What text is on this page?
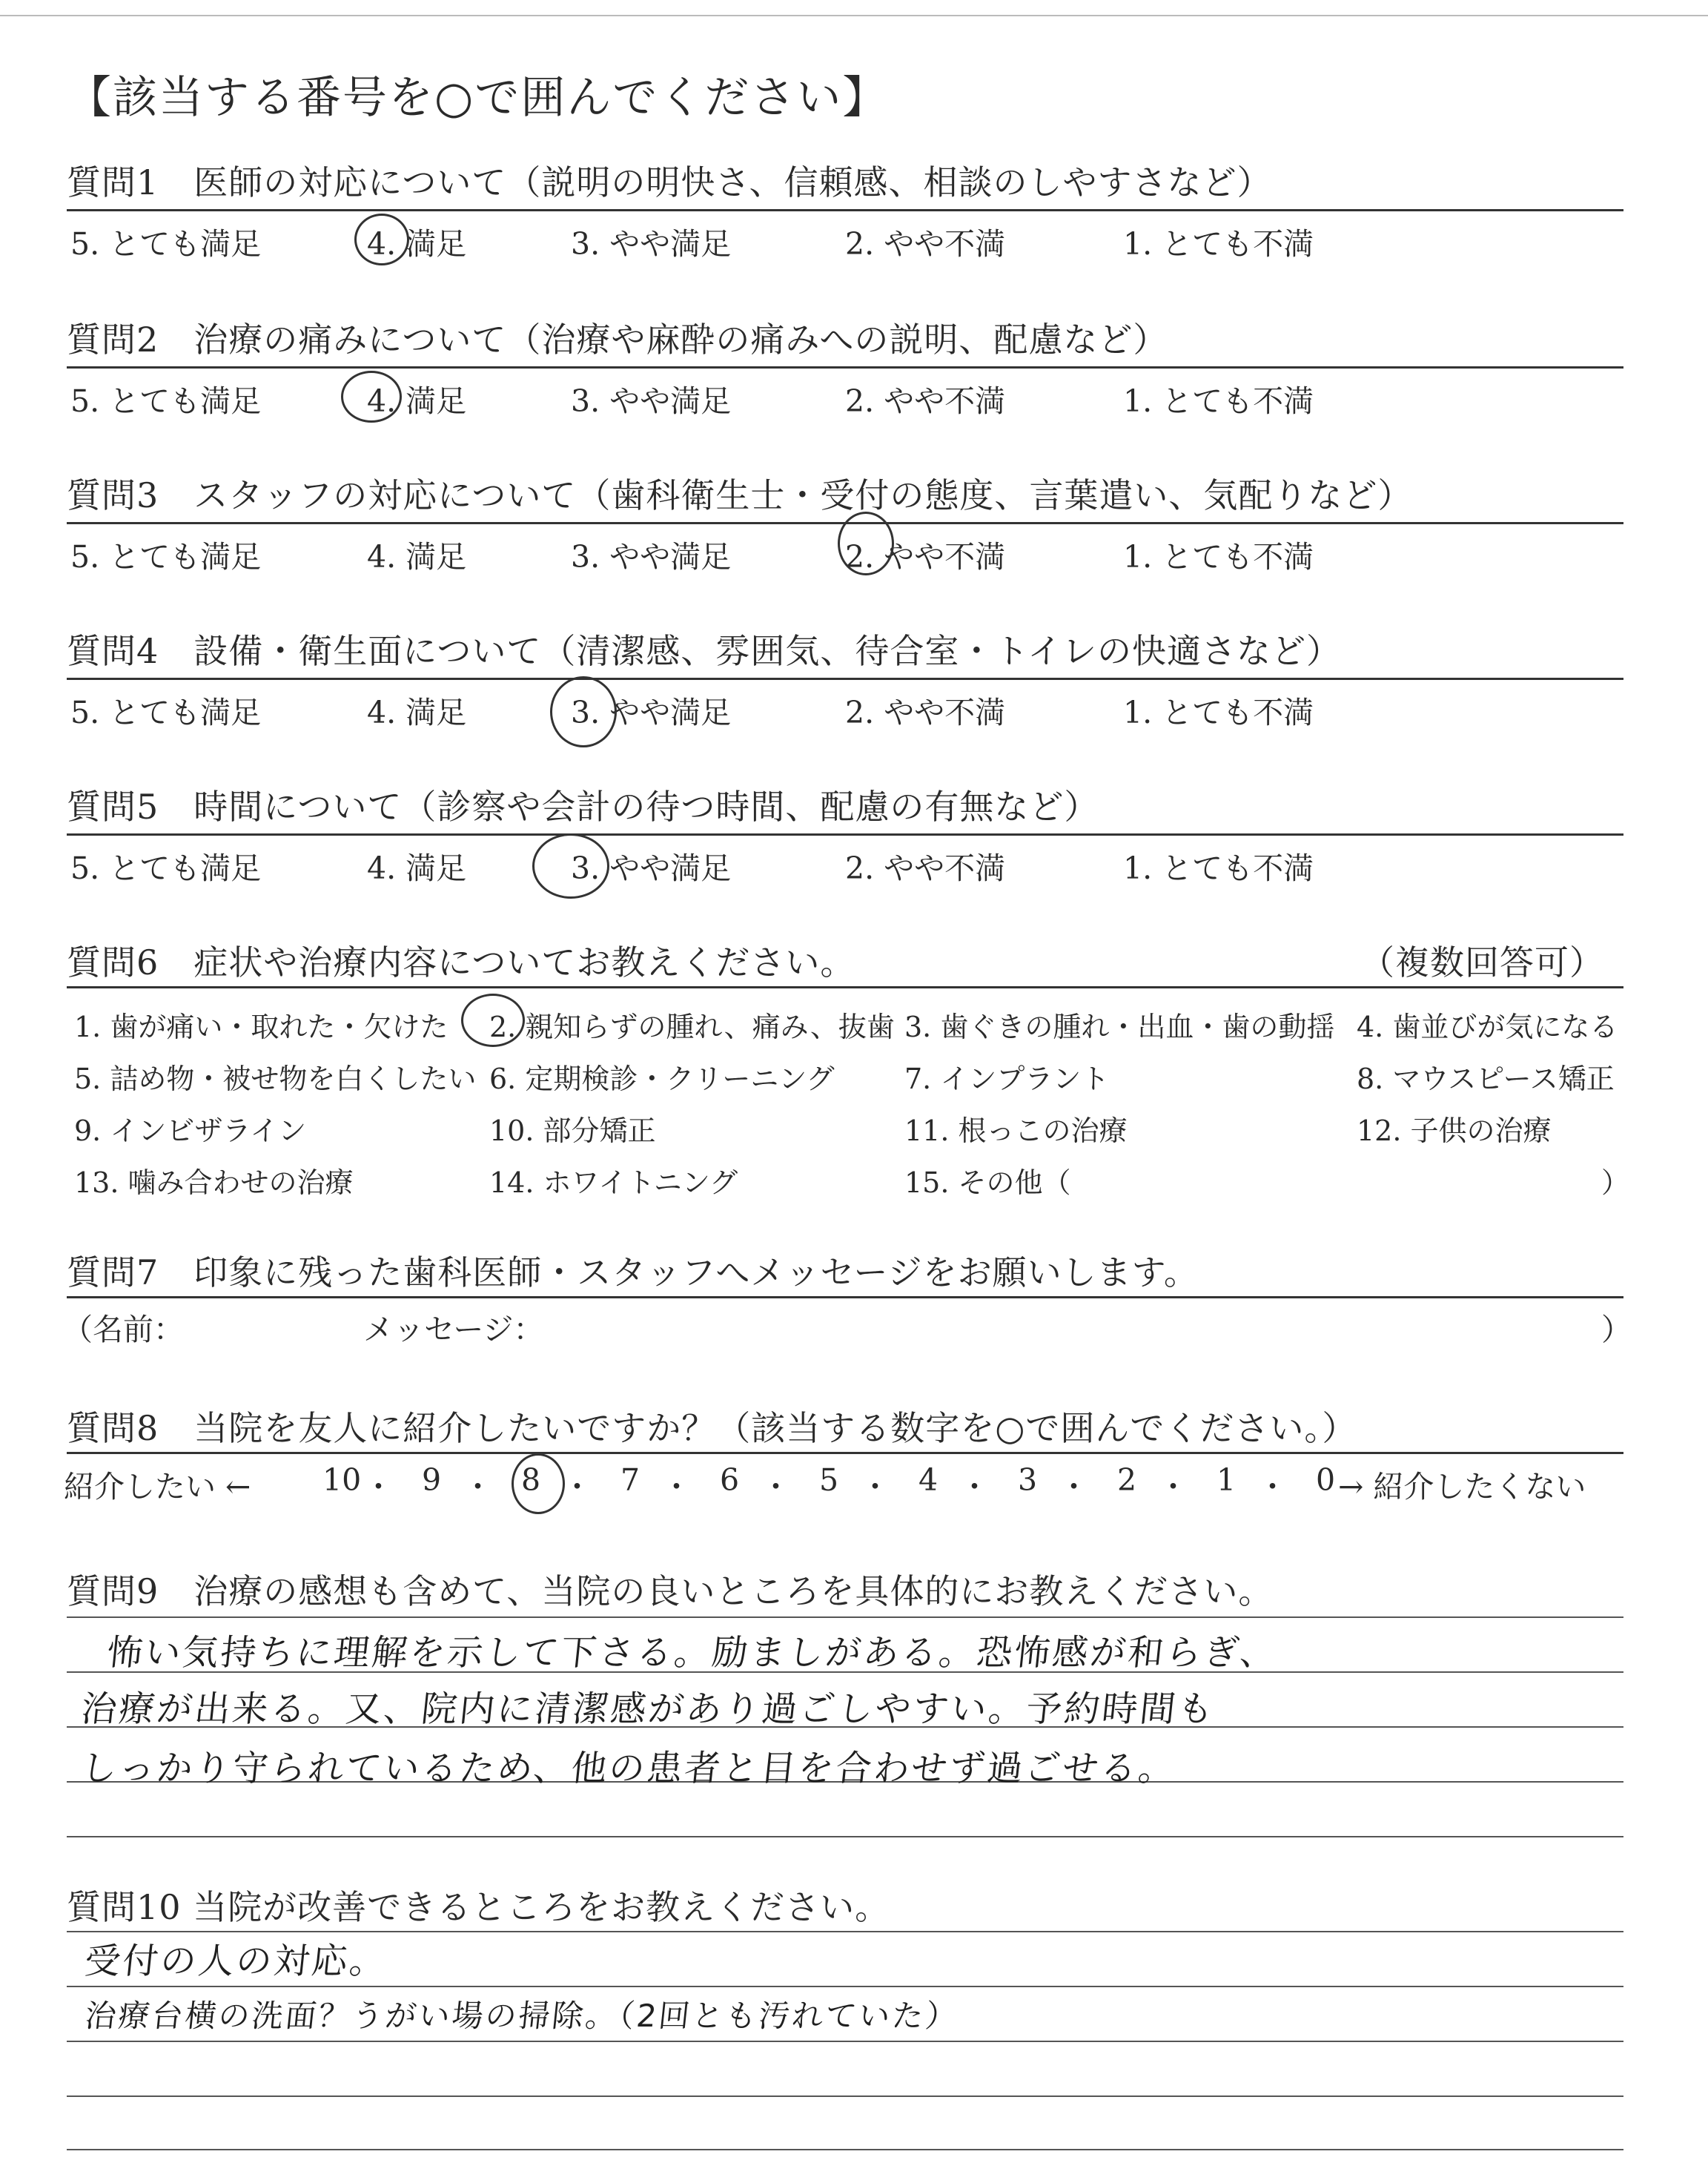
【該当する番号を○で囲んでください】
質問1　医師の対応について（説明の明快さ、信頼感、相談のしやすさなど）
5. とても満足	4. 満足	3. やや満足	2. やや不満	1. とても不満
質問2　治療の痛みについて（治療や麻酔の痛みへの説明、配慮など）
5. とても満足	4. 満足	3. やや満足	2. やや不満	1. とても不満
質問3　スタッフの対応について（歯科衛生士・受付の態度、言葉遣い、気配りなど）
5. とても満足	4. 満足	3. やや満足	2. やや不満	1. とても不満
質問4　設備・衛生面について（清潔感、雰囲気、待合室・トイレの快適さなど）
5. とても満足	4. 満足	3. やや満足	2. やや不満	1. とても不満
質問5　時間について（診察や会計の待つ時間、配慮の有無など）
5. とても満足	4. 満足	3. やや満足	2. やや不満	1. とても不満
質問6　症状や治療内容についてお教えください。	（複数回答可）
1. 歯が痛い・取れた・欠けた 2. 親知らずの腫れ、痛み、抜歯 3. 歯ぐきの腫れ・出血・歯の動揺 4. 歯並びが気になる
5. 詰め物・被せ物を白くしたい 6. 定期検診・クリーニング 7. インプラント	8. マウスピース矯正
9. インビザライン	10. 部分矯正	11. 根っこの治療	12. 子供の治療
13. 噛み合わせの治療	14. ホワイトニング	15. その他（	）
質問7　印象に残った歯科医師・スタッフへメッセージをお願いします。
（名前：	メッセージ：	）
質問8　当院を友人に紹介したいですか？（該当する数字を○で囲んでください。）
紹介したい ←	→ 紹介したくない
10 ・ 9 ・ 8 ・ 7 ・ 6 ・ 5 ・ 4 ・ 3 ・ 2 ・ 1 ・ 0
質問9　治療の感想も含めて、当院の良いところを具体的にお教えください。
怖い気持ちに理解を示して下さる。励ましがある。恐怖感が和らぎ、
治療が出来る。又、院内に清潔感があり過ごしやすい。予約時間も
しっかり守られているため、他の患者と目を合わせず過ごせる。
質問10 当院が改善できるところをお教えください。
受付の人の対応。
治療台横の洗面？うがい場の掃除。（2回とも汚れていた）
